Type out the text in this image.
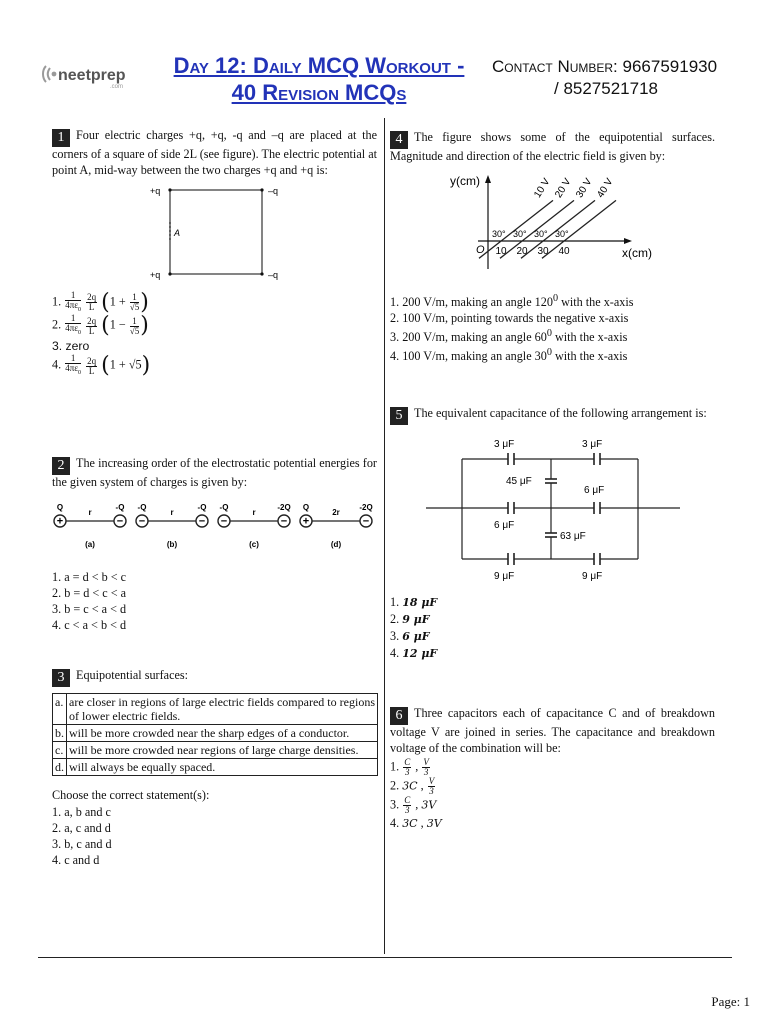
neetprep
.com
Day 12: Daily MCQ Workout -
40 Revision MCQs
Contact Number: 9667591930
/ 8527521718
Page: 1
1 Four electric charges +q, +q, -q and –q are placed at the corners of a square of side 2L (see figure). The electric potential at point A, mid-way between the two charges +q and +q is:
+q	–q
+q	–q
A
1. $\frac{1}{4\pi\varepsilon_0}$
$\frac{2q}{L} (1 + \frac{1}{√5}$ )
2. $\frac{1}{4\pi\varepsilon_0}$
$\frac{2q}{L} (1 - \frac{1}{√5}$ )
3. zero
4. $\frac{1}{4\pi\varepsilon_0}$
$\frac{2q}{L} (1 + √5)$
2 The increasing order of the electrostatic potential energies for the given system of charges is given by:
+
Q
−
-Q
r
(a)
−
-Q
−
-Q
r
(b)
−
-Q
−
-2Q
r
(c)
+
Q
−
-2Q
2r
(d)
1. a = d < b < c
2. b = d < c < a
3. b = c < a < d
4. c < a < b < d
3 Equipotential surfaces:
a.	are closer in regions of large electric fields compared to regions of lower electric fields.
b.	will be more crowded near the sharp edges of a conductor.
c.	will be more crowded near regions of large charge densities.
d.	will always be equally spaced.
Choose the correct statement(s):
1. a, b and c
2. a, c and d
3. b, c and d
4. c and d
4 The figure shows some of the equipotential surfaces. Magnitude and direction of the electric field is given by:
y(cm)
x(cm)
O 10
10 V
30°
20
20 V
30°
30
30 V
30°
40
40 V
30°
1. 200 V/m, making an angle $120^0$ with the x-axis
2. 100 V/m, pointing towards the negative x-axis
3. 200 V/m, making an angle $60^0$ with the x-axis
4. 100 V/m, making an angle $30^0$ with the x-axis
5 The equivalent capacitance of the following arrangement is:
3 μF	3 μF
45 μF
6 μF
6 μF
63 μF
9 μF	9 μF
1. 18 μF
2. 9 μF
3. 6 μF
4. 12 μF
6 Three capacitors each of capacitance C and of breakdown voltage V are joined in series. The capacitance and breakdown voltage of the combination will be:
1. $\frac{C}{3}$ , $\frac{V}{3}$
2. 3C , $\frac{V}{3}$
3. $\frac{C}{3}$ , 3V
4. 3C , 3V
